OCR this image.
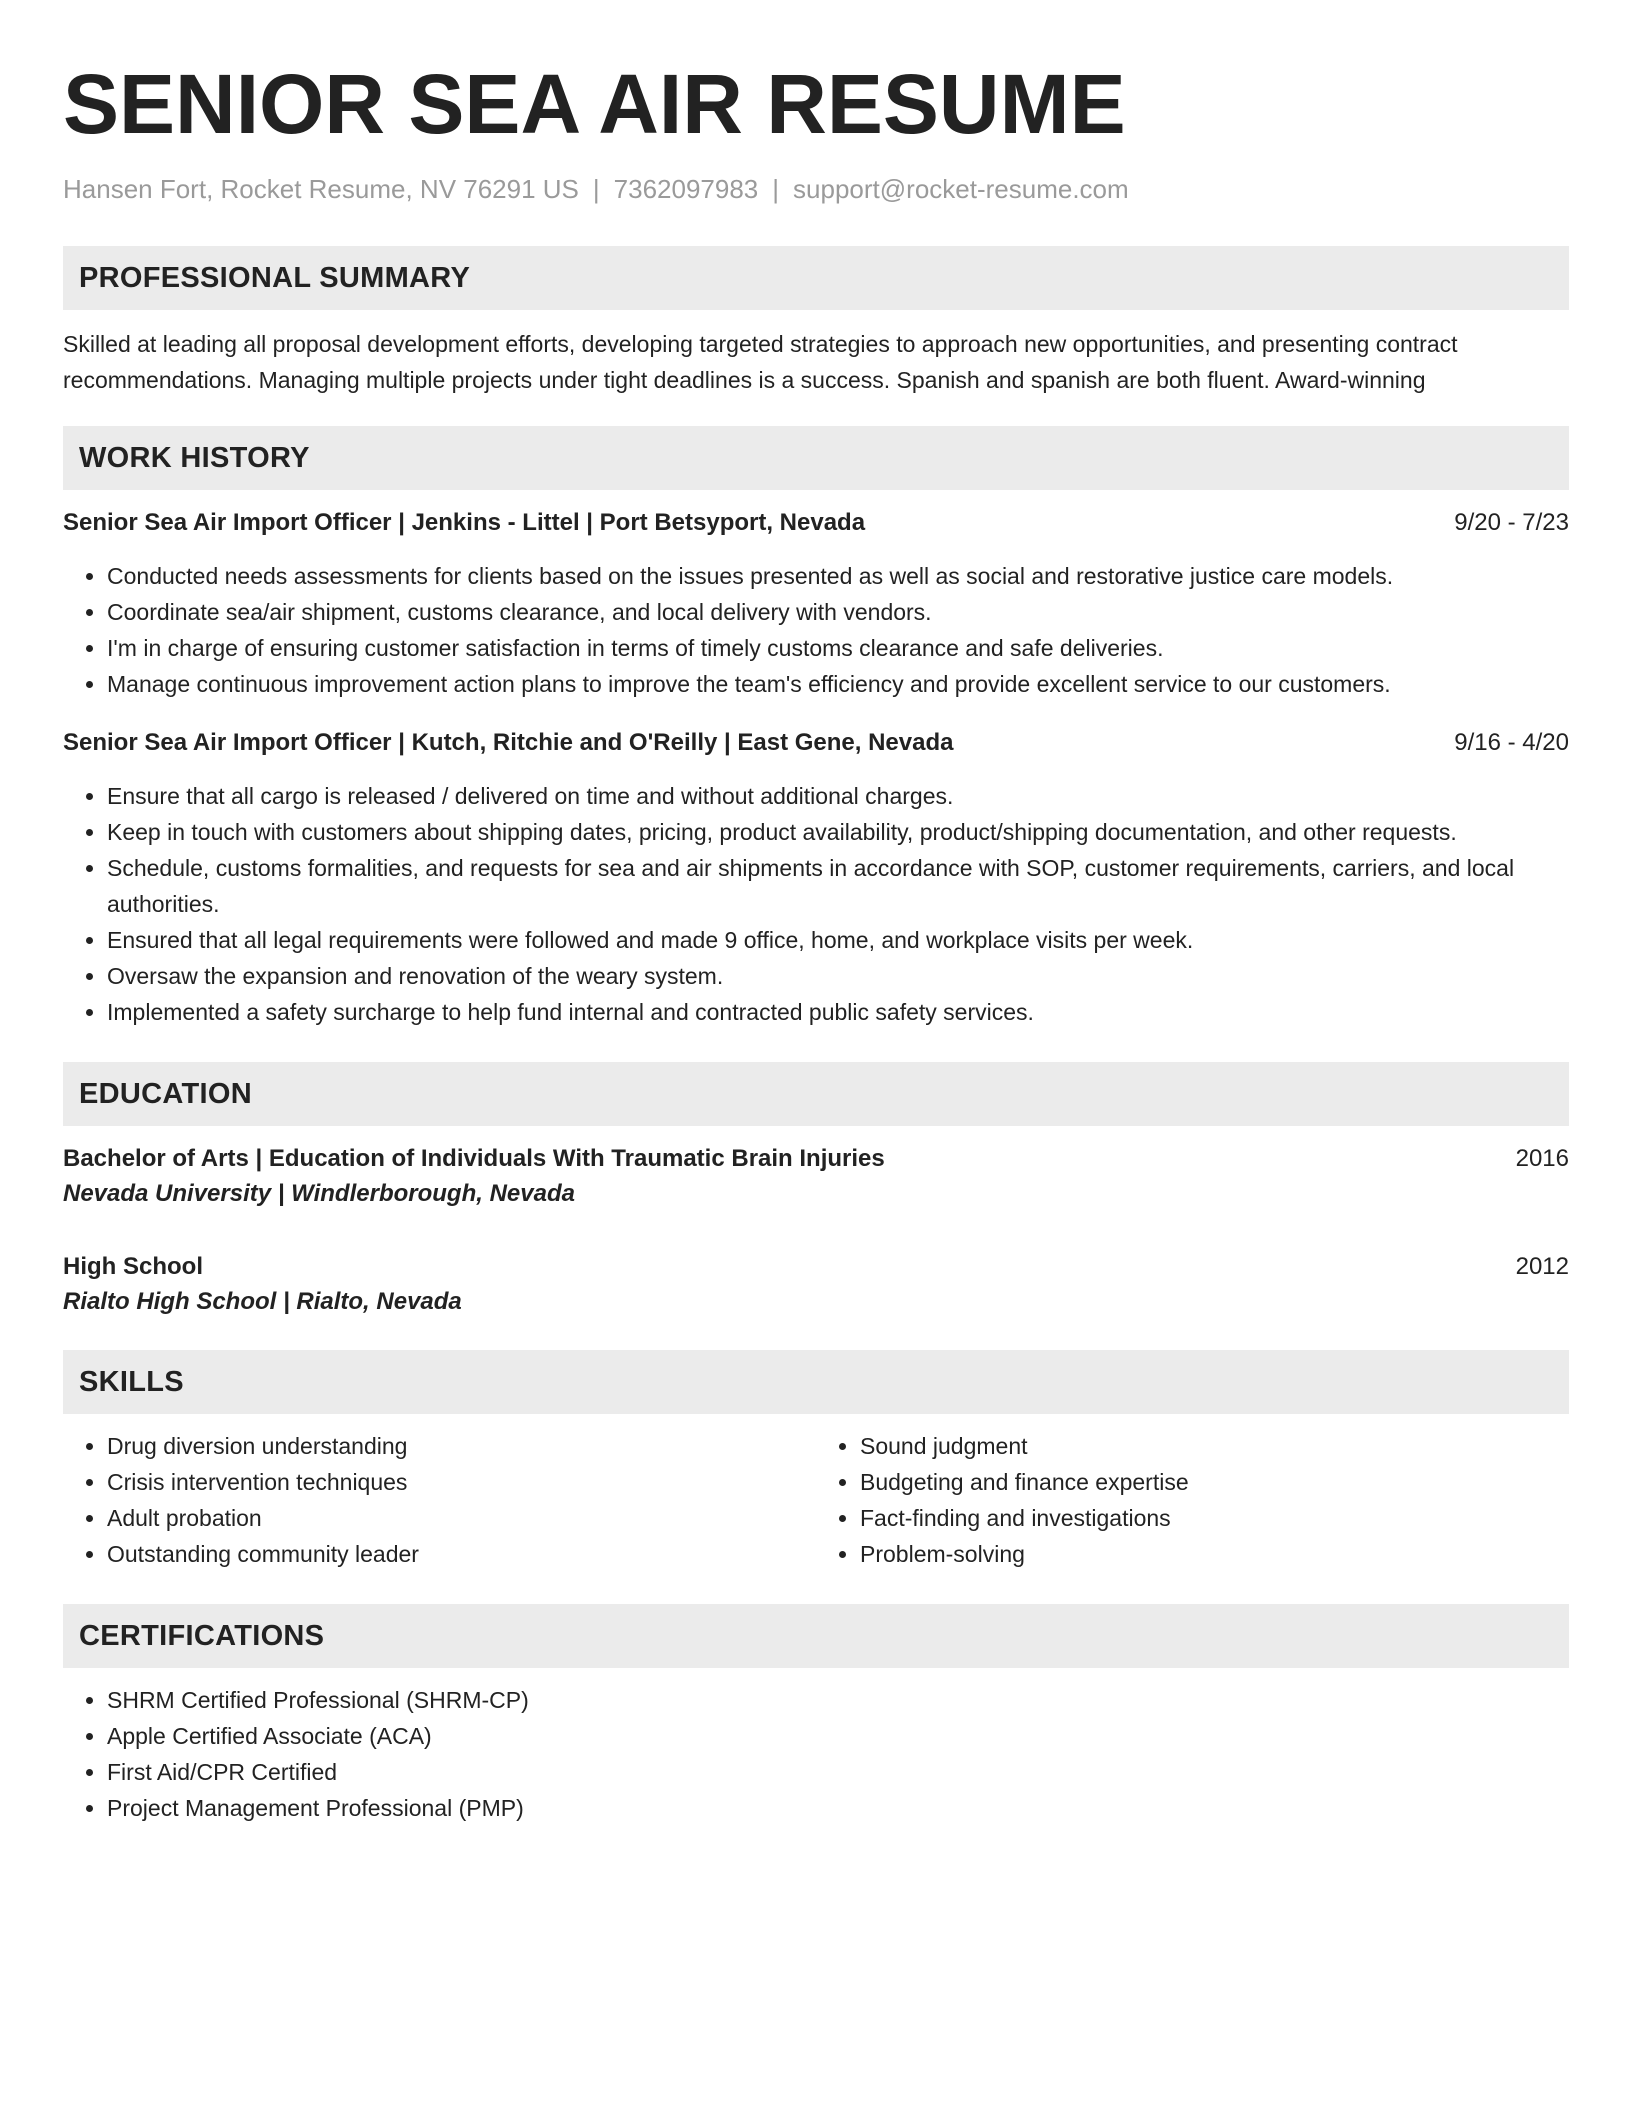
SENIOR SEA AIR RESUME
Hansen Fort, Rocket Resume, NV 76291 US | 7362097983 | support@rocket-resume.com
PROFESSIONAL SUMMARY

Skilled at leading all proposal development efforts, developing targeted strategies to approach new opportunities, and presenting contract recommendations. Managing multiple projects under tight deadlines is a success. Spanish and spanish are both fluent. Award-winning

WORK HISTORY
Senior Sea Air Import Officer | Jenkins - Littel | Port Betsyport, Nevada	9/20 - 7/23
• Conducted needs assessments for clients based on the issues presented as well as social and restorative justice care models.
• Coordinate sea/air shipment, customs clearance, and local delivery with vendors.
• I'm in charge of ensuring customer satisfaction in terms of timely customs clearance and safe deliveries.
• Manage continuous improvement action plans to improve the team's efficiency and provide excellent service to our customers.
Senior Sea Air Import Officer | Kutch, Ritchie and O'Reilly | East Gene, Nevada	9/16 - 4/20
• Ensure that all cargo is released / delivered on time and without additional charges.
• Keep in touch with customers about shipping dates, pricing, product availability, product/shipping documentation, and other requests.
• Schedule, customs formalities, and requests for sea and air shipments in accordance with SOP, customer requirements, carriers, and local authorities.
• Ensured that all legal requirements were followed and made 9 office, home, and workplace visits per week.
• Oversaw the expansion and renovation of the weary system.
• Implemented a safety surcharge to help fund internal and contracted public safety services.
EDUCATION
Bachelor of Arts | Education of Individuals With Traumatic Brain Injuries	2016
Nevada University | Windlerborough, Nevada
High School	2012
Rialto High School | Rialto, Nevada
SKILLS
• Drug diversion understanding
• Crisis intervention techniques
• Adult probation
• Outstanding community leader
• Sound judgment
• Budgeting and finance expertise
• Fact-finding and investigations
• Problem-solving
CERTIFICATIONS
• SHRM Certified Professional (SHRM-CP)
• Apple Certified Associate (ACA)
• First Aid/CPR Certified
• Project Management Professional (PMP)
